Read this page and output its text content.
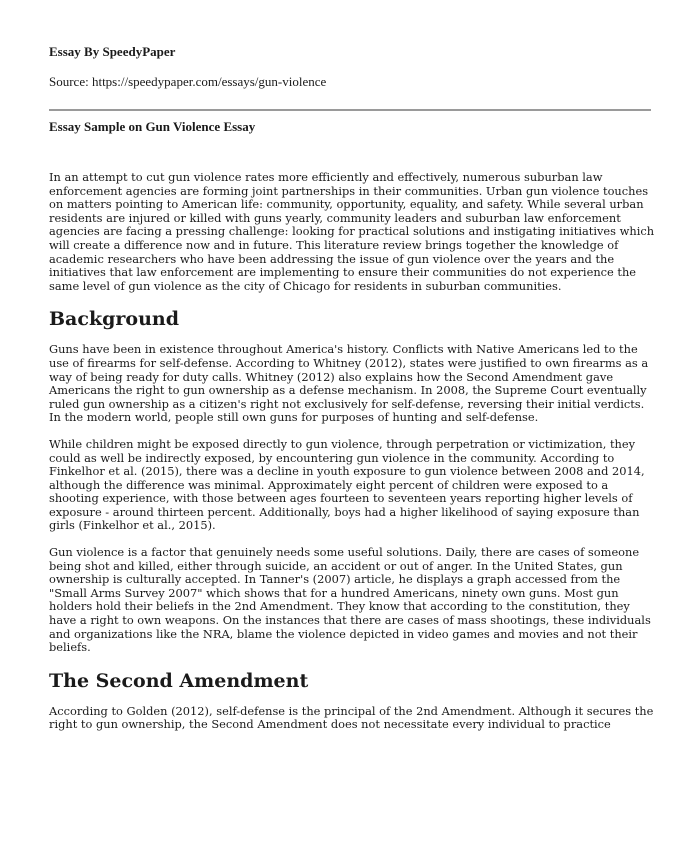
Essay By SpeedyPaper

Source: https://speedypaper.com/essays/gun-violence

Essay Sample on Gun Violence Essay

In an attempt to cut gun violence rates more efficiently and effectively, numerous suburban law enforcement agencies are forming joint partnerships in their communities. Urban gun violence touches on matters pointing to American life: community, opportunity, equality, and safety. While several urban residents are injured or killed with guns yearly, community leaders and suburban law enforcement agencies are facing a pressing challenge: looking for practical solutions and instigating initiatives which will create a difference now and in future. This literature review brings together the knowledge of academic researchers who have been addressing the issue of gun violence over the years and the initiatives that law enforcement are implementing to ensure their communities do not experience the same level of gun violence as the city of Chicago for residents in suburban communities.

Background

Guns have been in existence throughout America's history. Conflicts with Native Americans led to the use of firearms for self-defense. According to Whitney (2012), states were justified to own firearms as a way of being ready for duty calls. Whitney (2012) also explains how the Second Amendment gave Americans the right to gun ownership as a defense mechanism. In 2008, the Supreme Court eventually ruled gun ownership as a citizen's right not exclusively for self-defense, reversing their initial verdicts. In the modern world, people still own guns for purposes of hunting and self-defense.

While children might be exposed directly to gun violence, through perpetration or victimization, they could as well be indirectly exposed, by encountering gun violence in the community. According to Finkelhor et al. (2015), there was a decline in youth exposure to gun violence between 2008 and 2014, although the difference was minimal. Approximately eight percent of children were exposed to a shooting experience, with those between ages fourteen to seventeen years reporting higher levels of exposure - around thirteen percent. Additionally, boys had a higher likelihood of saying exposure than girls (Finkelhor et al., 2015).

Gun violence is a factor that genuinely needs some useful solutions. Daily, there are cases of someone being shot and killed, either through suicide, an accident or out of anger. In the United States, gun ownership is culturally accepted. In Tanner's (2007) article, he displays a graph accessed from the "Small Arms Survey 2007" which shows that for a hundred Americans, ninety own guns. Most gun holders hold their beliefs in the 2nd Amendment. They know that according to the constitution, they have a right to own weapons. On the instances that there are cases of mass shootings, these individuals and organizations like the NRA, blame the violence depicted in video games and movies and not their beliefs.

The Second Amendment

According to Golden (2012), self-defense is the principal of the 2nd Amendment. Although it secures the right to gun ownership, the Second Amendment does not necessitate every individual to practice
